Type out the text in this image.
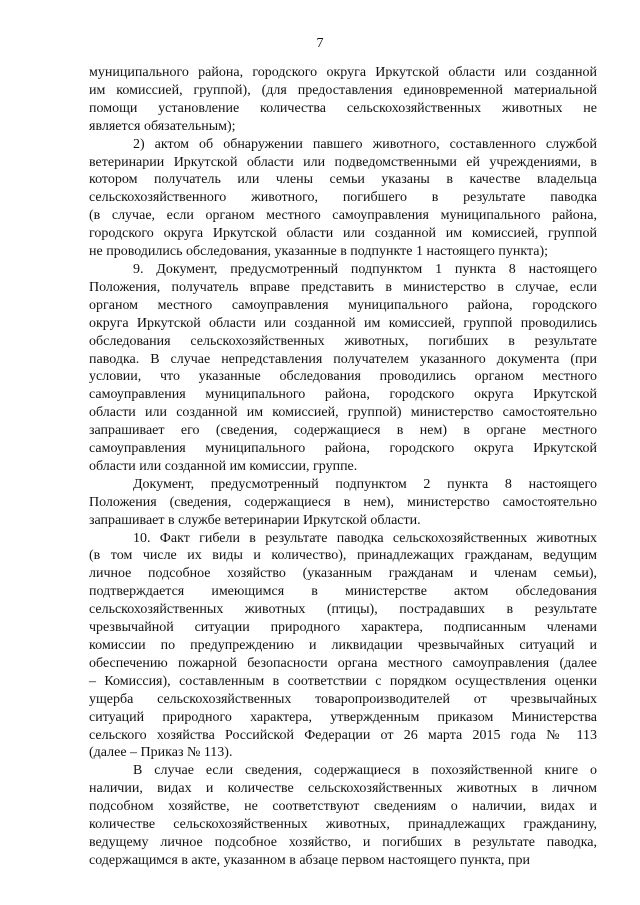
7
муниципального района, городского округа Иркутской области или созданной
им комиссией, группой), (для предоставления единовременной материальной
помощи установление количества сельскохозяйственных животных не
является обязательным);
2) актом об обнаружении павшего животного, составленного службой
ветеринарии Иркутской области или подведомственными ей учреждениями, в
котором получатель или члены семьи указаны в качестве владельца
сельскохозяйственного животного, погибшего в результате паводка
(в случае, если органом местного самоуправления муниципального района,
городского округа Иркутской области или созданной им комиссией, группой
не проводились обследования, указанные в подпункте 1 настоящего пункта);
9. Документ, предусмотренный подпунктом 1 пункта 8 настоящего
Положения, получатель вправе представить в министерство в случае, если
органом местного самоуправления муниципального района, городского
округа Иркутской области или созданной им комиссией, группой проводились
обследования сельскохозяйственных животных, погибших в результате
паводка. В случае непредставления получателем указанного документа (при
условии, что указанные обследования проводились органом местного
самоуправления муниципального района, городского округа Иркутской
области или созданной им комиссией, группой) министерство самостоятельно
запрашивает его (сведения, содержащиеся в нем) в органе местного
самоуправления муниципального района, городского округа Иркутской
области или созданной им комиссии, группе.
Документ, предусмотренный подпунктом 2 пункта 8 настоящего
Положения (сведения, содержащиеся в нем), министерство самостоятельно
запрашивает в службе ветеринарии Иркутской области.
10. Факт гибели в результате паводка сельскохозяйственных животных
(в том числе их виды и количество), принадлежащих гражданам, ведущим
личное подсобное хозяйство (указанным гражданам и членам семьи),
подтверждается имеющимся в министерстве актом обследования
сельскохозяйственных животных (птицы), пострадавших в результате
чрезвычайной ситуации природного характера, подписанным членами
комиссии по предупреждению и ликвидации чрезвычайных ситуаций и
обеспечению пожарной безопасности органа местного самоуправления (далее
– Комиссия), составленным в соответствии с порядком осуществления оценки
ущерба сельскохозяйственных товаропроизводителей от чрезвычайных
ситуаций природного характера, утвержденным приказом Министерства
сельского хозяйства Российской Федерации от 26 марта 2015 года № 113
(далее – Приказ № 113).
В случае если сведения, содержащиеся в похозяйственной книге о
наличии, видах и количестве сельскохозяйственных животных в личном
подсобном хозяйстве, не соответствуют сведениям о наличии, видах и
количестве сельскохозяйственных животных, принадлежащих гражданину,
ведущему личное подсобное хозяйство, и погибших в результате паводка,
содержащимся в акте, указанном в абзаце первом настоящего пункта, при
